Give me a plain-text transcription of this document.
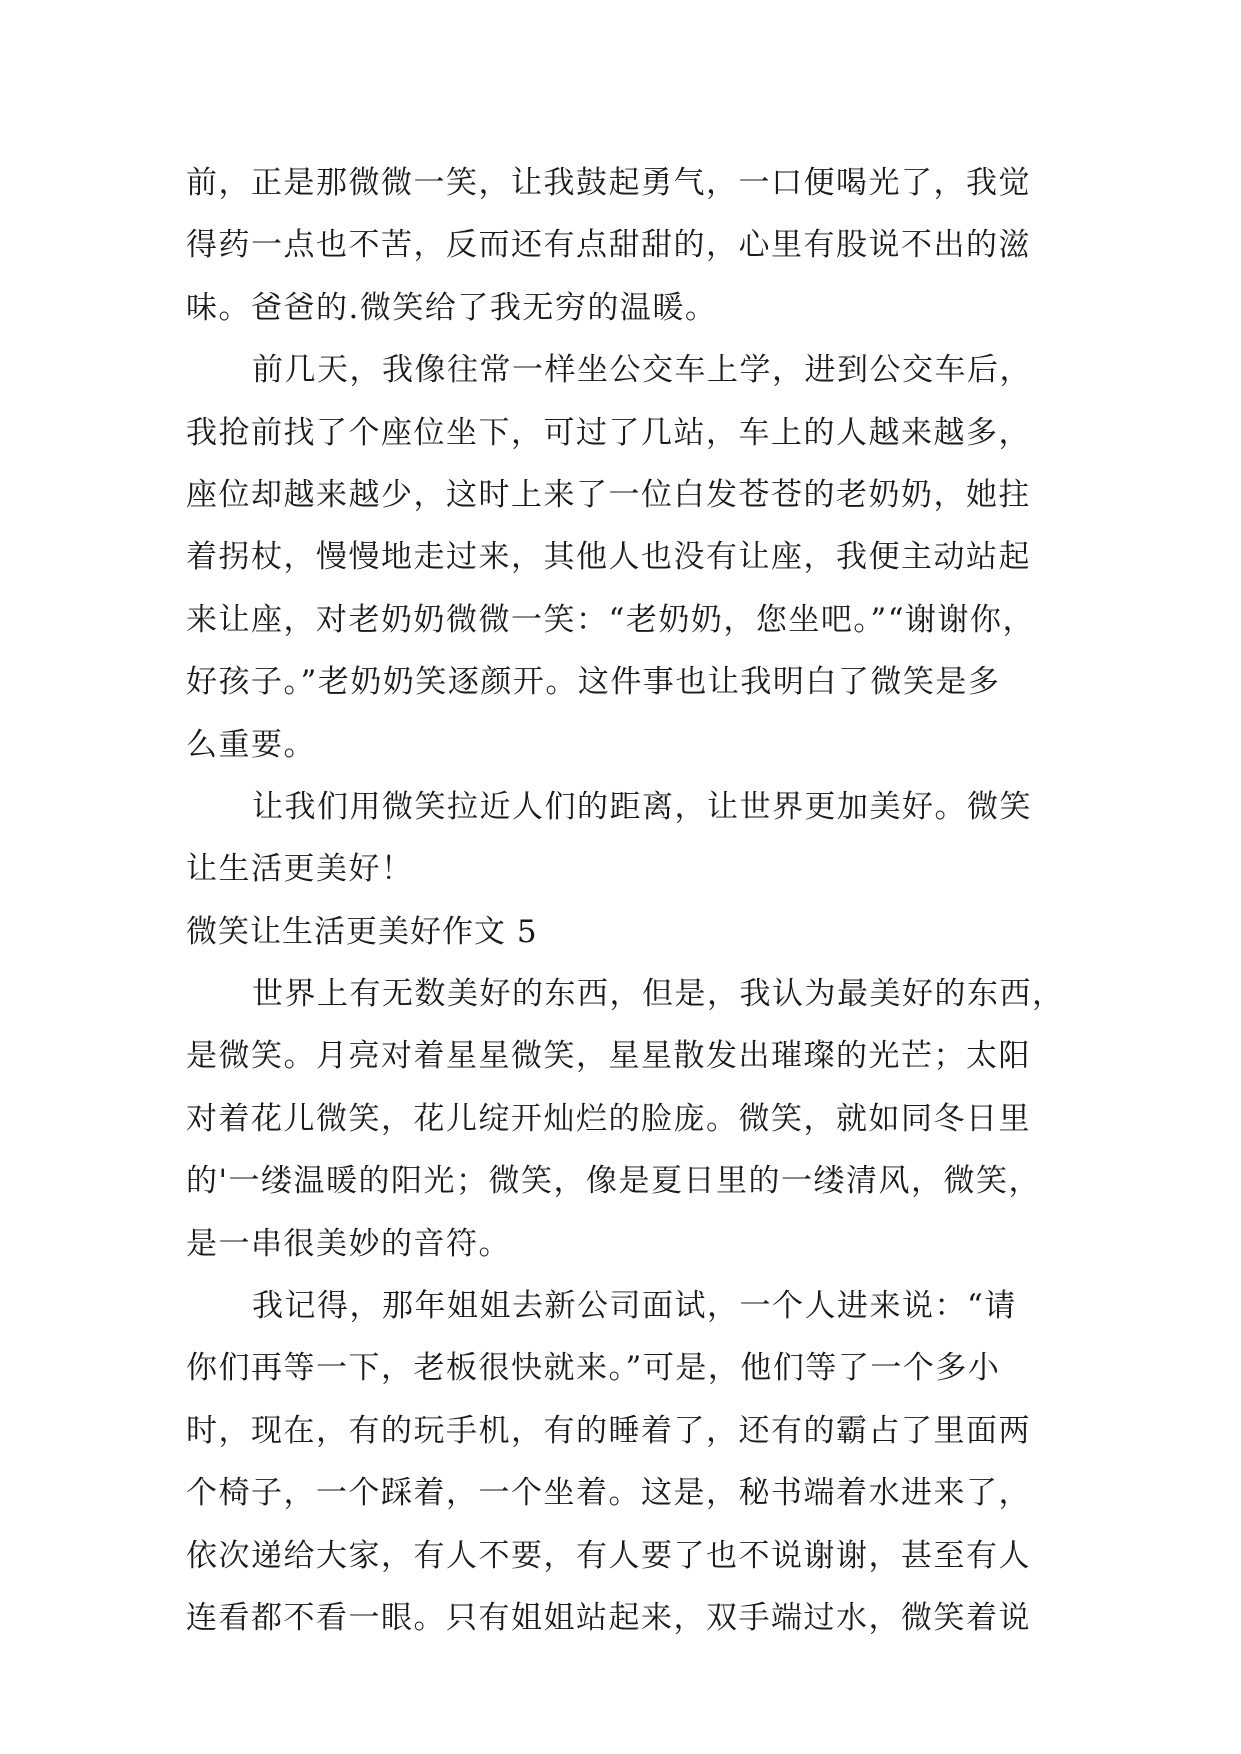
前，正是那微微一笑，让我鼓起勇气，一口便喝光了，我觉
得药一点也不苦，反而还有点甜甜的，心里有股说不出的滋
味。爸爸的.微笑给了我无穷的温暖。
前几天，我像往常一样坐公交车上学，进到公交车后，
我抢前找了个座位坐下，可过了几站，车上的人越来越多，
座位却越来越少，这时上来了一位白发苍苍的老奶奶，她拄
着拐杖，慢慢地走过来，其他人也没有让座，我便主动站起
来让座，对老奶奶微微一笑：“老奶奶，您坐吧。”“谢谢你，
好孩子。”老奶奶笑逐颜开。这件事也让我明白了微笑是多
么重要。
让我们用微笑拉近人们的距离，让世界更加美好。微笑
让生活更美好！
微笑让生活更美好作文 5
世界上有无数美好的东西，但是，我认为最美好的东西，
是微笑。月亮对着星星微笑，星星散发出璀璨的光芒；太阳
对着花儿微笑，花儿绽开灿烂的脸庞。微笑，就如同冬日里
的'一缕温暖的阳光；微笑，像是夏日里的一缕清风，微笑，
是一串很美妙的音符。
我记得，那年姐姐去新公司面试，一个人进来说：“请
你们再等一下，老板很快就来。”可是，他们等了一个多小
时，现在，有的玩手机，有的睡着了，还有的霸占了里面两
个椅子，一个踩着，一个坐着。这是，秘书端着水进来了，
依次递给大家，有人不要，有人要了也不说谢谢，甚至有人
连看都不看一眼。只有姐姐站起来，双手端过水，微笑着说
